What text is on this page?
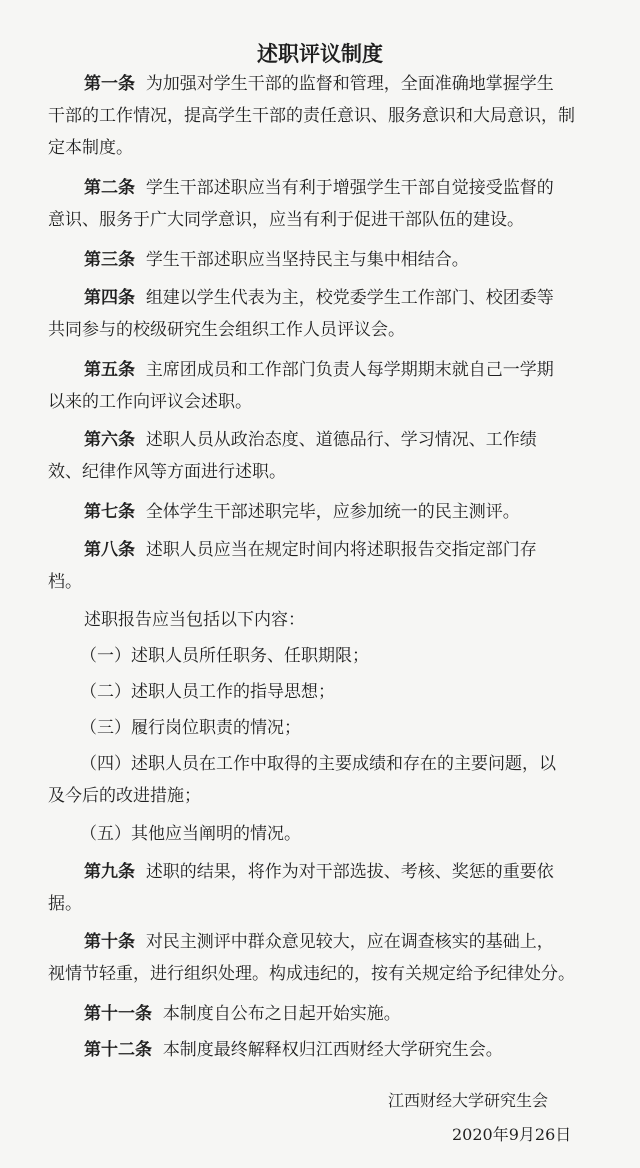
述职评议制度
第一条 为加强对学生干部的监督和管理，全面准确地掌握学生
干部的工作情况，提高学生干部的责任意识、服务意识和大局意识，制
定本制度。
第二条 学生干部述职应当有利于增强学生干部自觉接受监督的
意识、服务于广大同学意识，应当有利于促进干部队伍的建设。
第三条 学生干部述职应当坚持民主与集中相结合。
第四条 组建以学生代表为主，校党委学生工作部门、校团委等
共同参与的校级研究生会组织工作人员评议会。
第五条 主席团成员和工作部门负责人每学期期末就自己一学期
以来的工作向评议会述职。
第六条 述职人员从政治态度、道德品行、学习情况、工作绩
效、纪律作风等方面进行述职。
第七条 全体学生干部述职完毕，应参加统一的民主测评。
第八条 述职人员应当在规定时间内将述职报告交指定部门存
档。
述职报告应当包括以下内容：
（一）述职人员所任职务、任职期限；
（二）述职人员工作的指导思想；
（三）履行岗位职责的情况；
（四）述职人员在工作中取得的主要成绩和存在的主要问题，以
及今后的改进措施；
（五）其他应当阐明的情况。
第九条 述职的结果，将作为对干部选拔、考核、奖惩的重要依
据。
第十条 对民主测评中群众意见较大，应在调查核实的基础上，
视情节轻重，进行组织处理。构成违纪的，按有关规定给予纪律处分。
第十一条 本制度自公布之日起开始实施。
第十二条 本制度最终解释权归江西财经大学研究生会。
江西财经大学研究生会
2020年9月26日
